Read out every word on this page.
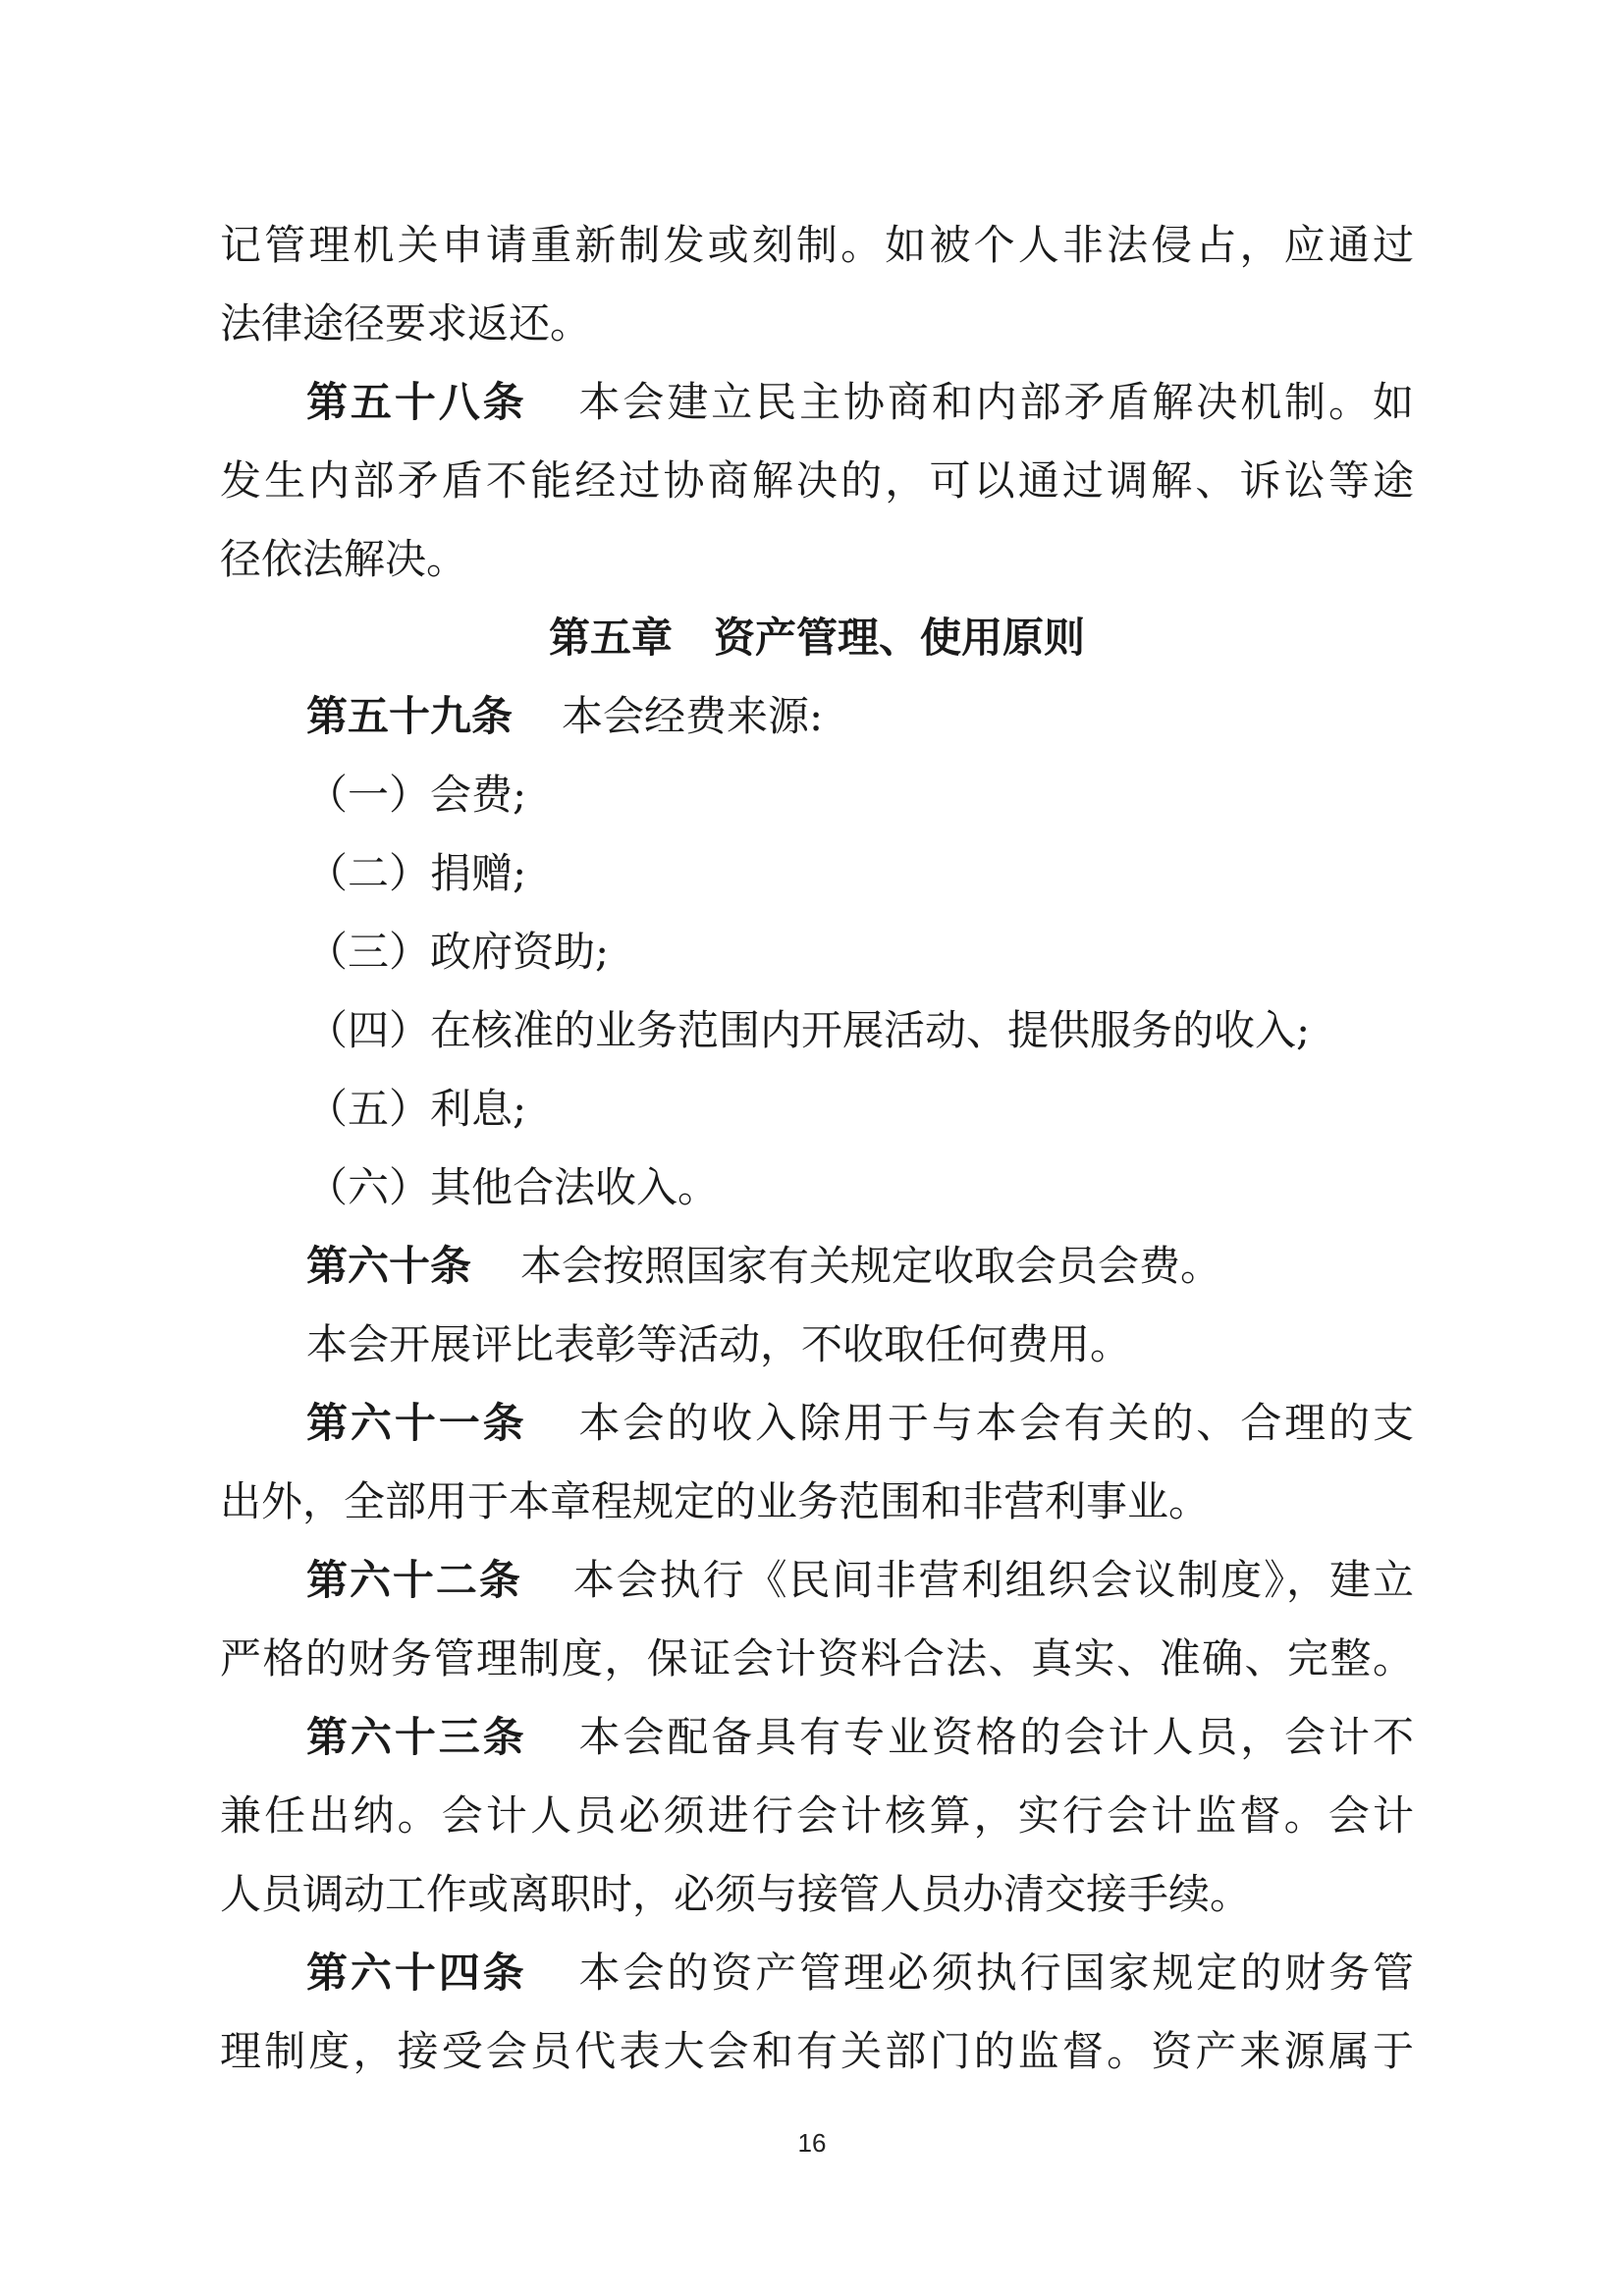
记管理机关申请重新制发或刻制。如被个人非法侵占，应通过
法律途径要求返还。
第五十八条 本会建立民主协商和内部矛盾解决机制。如
发生内部矛盾不能经过协商解决的，可以通过调解、诉讼等途
径依法解决。
第五章　资产管理、使用原则
第五十九条 本会经费来源:
（一）会费;
（二）捐赠;
（三）政府资助;
（四）在核准的业务范围内开展活动、提供服务的收入;
（五）利息;
（六）其他合法收入。
第六十条 本会按照国家有关规定收取会员会费。
本会开展评比表彰等活动，不收取任何费用。
第六十一条 本会的收入除用于与本会有关的、合理的支
出外，全部用于本章程规定的业务范围和非营利事业。
第六十二条 本会执行《民间非营利组织会议制度》，建立
严格的财务管理制度，保证会计资料合法、真实、准确、完整。
第六十三条 本会配备具有专业资格的会计人员，会计不
兼任出纳。会计人员必须进行会计核算，实行会计监督。会计
人员调动工作或离职时，必须与接管人员办清交接手续。
第六十四条 本会的资产管理必须执行国家规定的财务管
理制度，接受会员代表大会和有关部门的监督。资产来源属于
16
